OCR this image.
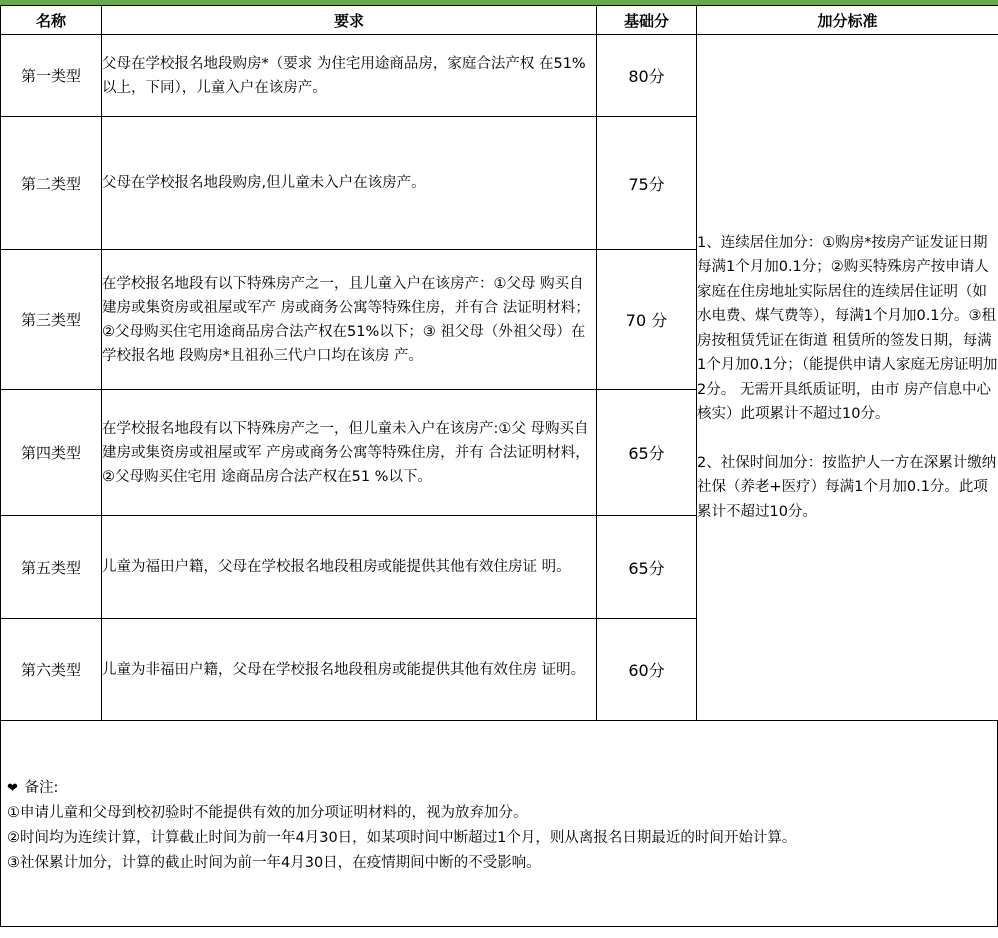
名称	要求	基础分	加分标准
第一类型	父母在学校报名地段购房*（要求 为住宅用途商品房，家庭合法产权 在51%以上，下同），儿童入户在该房产。	80分	1、连续居住加分：①购房*按房产证发证日期每满1个月加0.1分；②购买特殊房产按申请人家庭在住房地址实际居住的连续居住证明（如水电费、煤气费等），每满1个月加0.1分。③租房按租赁凭证在街道 租赁所的签发日期，每满1个月加0.1分；（能提供申请人家庭无房证明加2分。 无需开具纸质证明，由市 房产信息中心核实）此项累计不超过10分。

2、社保时间加分：按监护人一方在深累计缴纳社保（养老+医疗）每满1个月加0.1分。此项累计不超过10分。

第二类型	父母在学校报名地段购房,但儿童未入户在该房产。	75分	
第三类型	在学校报名地段有以下特殊房产之一，且儿童入户在该房产：①父母 购买自建房或集资房或祖屋或军产 房或商务公寓等特殊住房，并有合 法证明材料；②父母购买住宅用途商品房合法产权在51%以下；③ 祖父母（外祖父母）在学校报名地 段购房*且祖孙三代户口均在该房 产。	70 分	
第四类型	在学校报名地段有以下特殊房产之一，但儿童未入户在该房产:①父 母购买自建房或集资房或祖屋或军 产房或商务公寓等特殊住房，并有 合法证明材料，②父母购买住宅用 途商品房合法产权在51 %以下。	65分	
第五类型	儿童为福田户籍，父母在学校报名地段租房或能提供其他有效住房证 明。	65分	
第六类型	儿童为非福田户籍，父母在学校报名地段租房或能提供其他有效住房 证明。	60分	
❤ 备注:
①申请儿童和父母到校初验时不能提供有效的加分项证明材料的，视为放弃加分。
②时间均为连续计算，计算截止时间为前一年4月30日，如某项时间中断超过1个月，则从离报名日期最近的时间开始计算。
③社保累计加分，计算的截止时间为前一年4月30日，在疫情期间中断的不受影响。
